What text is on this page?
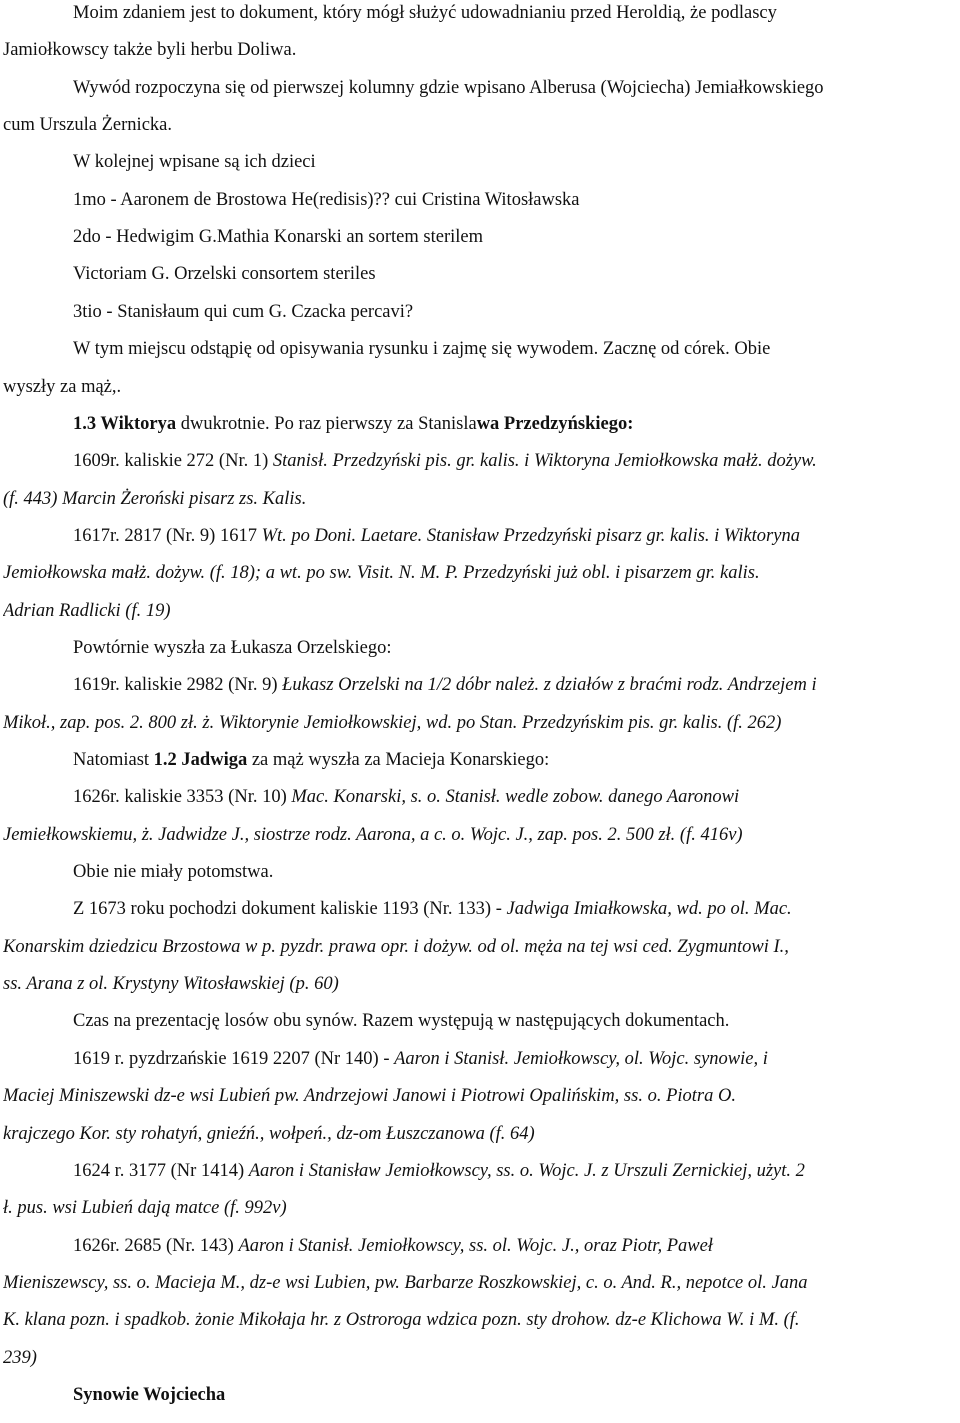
Moim zdaniem jest to dokument, który mógł służyć udowadnianiu przed Heroldią, że podlascy
Jamiołkowscy także byli herbu Doliwa.
Wywód rozpoczyna się od pierwszej kolumny gdzie wpisano Alberusa (Wojciecha) Jemiałkowskiego
cum Urszula Żernicka.
W kolejnej wpisane są ich dzieci
1mo - Aaronem de Brostowa He(redisis)?? cui Cristina Witosławska
2do - Hedwigim G.Mathia Konarski an sortem sterilem
Victoriam G. Orzelski consortem steriles
3tio - Stanisłaum qui cum G. Czacka percavi?
W tym miejscu odstąpię od opisywania rysunku i zajmę się wywodem. Zacznę od córek. Obie
wyszły za mąż,.
1.3 Wiktorya dwukrotnie. Po raz pierwszy za Stanislawa Przedzyńskiego:
1609r. kaliskie 272 (Nr. 1) Stanisł. Przedzyński pis. gr. kalis. i Wiktoryna Jemiołkowska małż. dożyw.
(f. 443) Marcin Żeroński pisarz zs. Kalis.
1617r. 2817 (Nr. 9) 1617 Wt. po Doni. Laetare. Stanisław Przedzyński pisarz gr. kalis. i Wiktoryna
Jemiołkowska małż. dożyw. (f. 18); a wt. po sw. Visit. N. M. P. Przedzyński już obl. i pisarzem gr. kalis.
Adrian Radlicki (f. 19)
Powtórnie wyszła za Łukasza Orzelskiego:
1619r. kaliskie 2982 (Nr. 9) Łukasz Orzelski na 1/2 dóbr należ. z działów z braćmi rodz. Andrzejem i
Mikoł., zap. pos. 2. 800 zł. ż. Wiktorynie Jemiołkowskiej, wd. po Stan. Przedzyńskim pis. gr. kalis. (f. 262)
Natomiast 1.2 Jadwiga za mąż wyszła za Macieja Konarskiego:
1626r. kaliskie 3353 (Nr. 10) Mac. Konarski, s. o. Stanisł. wedle zobow. danego Aaronowi
Jemiełkowskiemu, ż. Jadwidze J., siostrze rodz. Aarona, a c. o. Wojc. J., zap. pos. 2. 500 zł. (f. 416v)
Obie nie miały potomstwa.
Z 1673 roku pochodzi dokument kaliskie 1193 (Nr. 133) - Jadwiga Imiałkowska, wd. po ol. Mac.
Konarskim dziedzicu Brzostowa w p. pyzdr. prawa opr. i dożyw. od ol. męża na tej wsi ced. Zygmuntowi I.,
ss. Arana z ol. Krystyny Witosławskiej (p. 60)
Czas na prezentację losów obu synów. Razem występują w następujących dokumentach.
1619 r. pyzdrzańskie 1619 2207 (Nr 140) - Aaron i Stanisł. Jemiołkowscy, ol. Wojc. synowie, i
Maciej Miniszewski dz-e wsi Lubień pw. Andrzejowi Janowi i Piotrowi Opalińskim, ss. o. Piotra O.
krajczego Kor. sty rohatyń, gnieźń., wołpeń., dz-om Łuszczanowa (f. 64)
1624 r. 3177 (Nr 1414) Aaron i Stanisław Jemiołkowscy, ss. o. Wojc. J. z Urszuli Zernickiej, użyt. 2
ł. pus. wsi Lubień dają matce (f. 992v)
1626r. 2685 (Nr. 143) Aaron i Stanisł. Jemiołkowscy, ss. ol. Wojc. J., oraz Piotr, Paweł
Mieniszewscy, ss. o. Macieja M., dz-e wsi Lubien, pw. Barbarze Roszkowskiej, c. o. And. R., nepotce ol. Jana
K. klana pozn. i spadkob. żonie Mikołaja hr. z Ostroroga wdzica pozn. sty drohow. dz-e Klichowa W. i M. (f.
239)
Synowie Wojciecha
